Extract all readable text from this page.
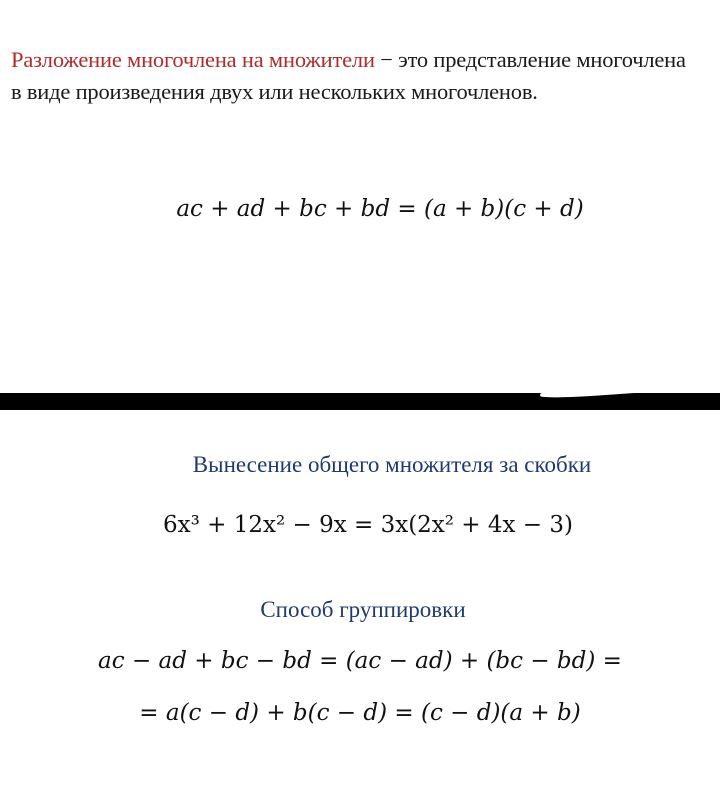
Разложение многочлена на множители − это представление многочлена в виде произведения двух или нескольких многочленов.
ac + ad + bc + bd = (a + b)(c + d)
Вынесение общего множителя за скобки
6x³ + 12x² − 9x = 3x(2x² + 4x − 3)
Способ группировки
ac − ad + bc − bd = (ac − ad) + (bc − bd) =
= a(c − d) + b(c − d) = (c − d)(a + b)
